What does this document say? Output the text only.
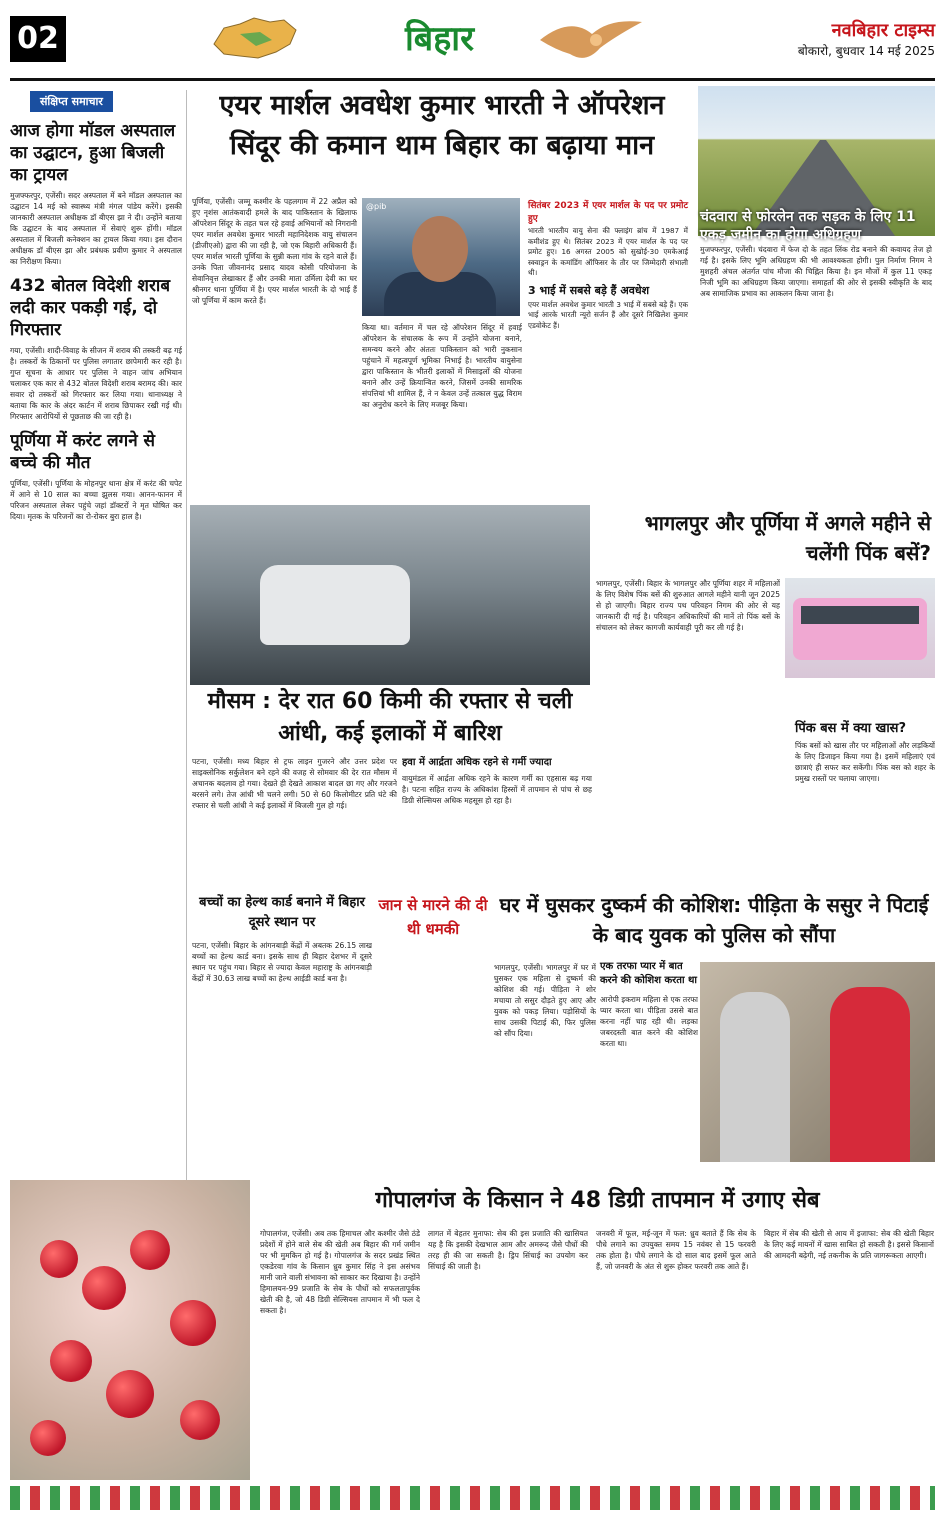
02	बिहार	नवबिहार टाइम्स
बोकारो, बुधवार 14 मई 2025
संक्षिप्त समाचार
आज होगा मॉडल अस्पताल का उद्घाटन, हुआ बिजली का ट्रायल

मुजफ्फरपुर, एजेंसी। सदर अस्पताल में बने मॉडल अस्पताल का उद्घाटन 14 मई को स्वास्थ्य मंत्री मंगल पांडेय करेंगे। इसकी जानकारी अस्पताल अधीक्षक डॉ बीएस झा ने दी। उन्होंने बताया कि उद्घाटन के बाद अस्पताल में सेवाएं शुरू होंगी। मॉडल अस्पताल में बिजली कनेक्शन का ट्रायल किया गया। इस दौरान अधीक्षक डॉ बीएस झा और प्रबंधक प्रवीण कुमार ने अस्पताल का निरीक्षण किया।

432 बोतल विदेशी शराब लदी कार पकड़ी गई, दो गिरफ्तार

गया, एजेंसी। शादी-विवाह के सीजन में शराब की तस्करी बढ़ गई है। तस्करों के ठिकानों पर पुलिस लगातार छापेमारी कर रही है। गुप्त सूचना के आधार पर पुलिस ने वाहन जांच अभियान चलाकर एक कार से 432 बोतल विदेशी शराब बरामद की। कार सवार दो तस्करों को गिरफ्तार कर लिया गया। थानाध्यक्ष ने बताया कि कार के अंदर कार्टन में शराब छिपाकर रखी गई थी। गिरफ्तार आरोपियों से पूछताछ की जा रही है।

पूर्णिया में करंट लगने से बच्चे की मौत

पूर्णिया, एजेंसी। पूर्णिया के मोहनपुर थाना क्षेत्र में करंट की चपेट में आने से 10 साल का बच्चा झुलस गया। आनन-फानन में परिजन अस्पताल लेकर पहुंचे जहां डॉक्टरों ने मृत घोषित कर दिया। मृतक के परिजनों का रो-रोकर बुरा हाल है।

एयर मार्शल अवधेश कुमार भारती ने ऑपरेशन सिंदूर की कमान थाम बिहार का बढ़ाया मान
पूर्णिया, एजेंसी। जम्मू कश्मीर के पहलगाम में 22 अप्रैल को हुए नृशंस आतंकवादी हमले के बाद पाकिस्तान के खिलाफ ऑपरेशन सिंदूर के तहत चल रहे हवाई अभियानों को निगरानी एयर मार्शल अवधेश कुमार भारती महानिदेशक वायु संचालन (डीजीएओ) द्वारा की जा रही है, जो एक बिहारी अधिकारी हैं। एयर मार्शल भारती पूर्णिया के सुन्नी कला गांव के रहने वाले हैं। उनके पिता जीवनानंद प्रसाद यादव कोसी परियोजना के सेवानिवृत्त लेखाकार हैं और उनकी माता उर्मिला देवी का घर श्रीनगर थाना पूर्णिया में है। एयर मार्शल भारती के दो भाई हैं जो पूर्णिया में काम करते हैं।
@pib
किया था। वर्तमान में चल रहे ऑपरेशन सिंदूर में हवाई ऑपरेशन के संचालक के रूप में उन्होंने योजना बनाने, समन्वय करने और अंततः पाकिस्तान को भारी नुकसान पहुंचाने में महत्वपूर्ण भूमिका निभाई है। भारतीय वायुसेना द्वारा पाकिस्तान के भीतरी इलाकों में मिसाइलों की योजना बनाने और उन्हें क्रियान्वित करने, जिसमें उनकी सामरिक संपत्तियां भी शामिल हैं, ने न केवल उन्हें तत्काल युद्ध विराम का अनुरोध करने के लिए मजबूर किया।
सितंबर 2023 में एयर मार्शल के पद पर प्रमोट हुए

भारती भारतीय वायु सेना की फ्लाइंग ब्रांच में 1987 में कमीशंड हुए थे। सितंबर 2023 में एयर मार्शल के पद पर प्रमोट हुए। 16 अगस्त 2005 को सुखोई-30 एमकेआई स्क्वाड्रन के कमांडिंग ऑफिसर के तौर पर जिम्मेदारी संभाली थी।

3 भाई में सबसे बड़े हैं अवधेश

एयर मार्शल अवधेश कुमार भारती 3 भाई में सबसे बड़े हैं। एक भाई आरके भारती न्यूरो सर्जन हैं और दूसरे निखिलेश कुमार एडवोकेट हैं।

चंदवारा से फोरलेन तक सड़क के लिए 11 एकड़ जमीन का होगा अधिग्रहण
मुजफ्फरपुर, एजेंसी। चंदवारा में फेज दो के तहत लिंक रोड बनाने की कवायद तेज हो गई है। इसके लिए भूमि अधिग्रहण की भी आवश्यकता होगी। पुल निर्माण निगम ने मुशहरी अंचल अंतर्गत पांच मौजा की चिह्नित किया है। इन मौजों में कुल 11 एकड़ निजी भूमि का अधिग्रहण किया जाएगा। समाहर्ता की ओर से इसकी स्वीकृति के बाद अब सामाजिक प्रभाव का आकलन किया जाना है।
मौसम : देर रात 60 किमी की रफ्तार से चली आंधी, कई इलाकों में बारिश
पटना, एजेंसी। मध्य बिहार से ट्रफ लाइन गुजरने और उत्तर प्रदेश पर साइक्लोनिक सर्कुलेशन बने रहने की वजह से सोमवार की देर रात मौसम में अचानक बदलाव हो गया। देखते ही देखते आकाश बादल छा गए और गरजने बरसने लगे। तेज आंधी भी चलने लगी। 50 से 60 किलोमीटर प्रति घंटे की रफ्तार से चली आंधी ने कई इलाकों में बिजली गुल हो गई।
हवा में आर्द्रता अधिक रहने से गर्मी ज्यादा
वायुमंडल में आर्द्रता अधिक रहने के कारण गर्मी का एहसास बढ़ गया है। पटना सहित राज्य के अधिकांश हिस्सों में तापमान से पांच से छह डिग्री सेल्सियस अधिक महसूस हो रहा है।
भागलपुर और पूर्णिया में अगले महीने से चलेंगी पिंक बसें?
भागलपुर, एजेंसी। बिहार के भागलपुर और पूर्णिया शहर में महिलाओं के लिए विशेष पिंक बसें की शुरुआत आगले महीने यानी जून 2025 से हो जाएगी। बिहार राज्य पथ परिवहन निगम की ओर से यह जानकारी दी गई है। परिवहन अधिकारियों की मानें तो पिंक बसें के संचालन को लेकर कागजी कार्यवाही पूरी कर ली गई है।
पिंक बस में क्या खास?
पिंक बसों को खास तौर पर महिलाओं और लड़कियों के लिए डिजाइन किया गया है। इसमें महिलाएं एवं छात्राएं ही सफर कर सकेंगी। पिंक बस को शहर के प्रमुख रास्तों पर चलाया जाएगा।
बच्चों का हेल्थ कार्ड बनाने में बिहार दूसरे स्थान पर
पटना, एजेंसी। बिहार के आंगनबाड़ी केंद्रों में अबतक 26.15 लाख बच्चों का हेल्थ कार्ड बना। इसके साथ ही बिहार देशभर में दूसरे स्थान पर पहुंच गया। बिहार से ज्यादा केवल महाराष्ट्र के आंगनबाड़ी केंद्रों में 30.63 लाख बच्चों का हेल्थ आईडी कार्ड बना है।
जान से मारने की दी थी धमकी
घर में घुसकर दुष्कर्म की कोशिश: पीड़िता के ससुर ने पिटाई के बाद युवक को पुलिस को सौंपा
भागलपुर, एजेंसी। भागलपुर में घर में घुसकर एक महिला से दुष्कर्म की कोशिश की गई। पीड़िता ने शोर मचाया तो ससुर दौड़ते हुए आए और युवक को पकड़ लिया। पड़ोसियों के साथ उसकी पिटाई की, फिर पुलिस को सौंप दिया।
एक तरफा प्यार में बात करने की कोशिश करता था
आरोपी इकराम महिला से एक तरफा प्यार करता था। पीड़िता उससे बात करना नहीं चाह रही थी। लड़का जबरदस्ती बात करने की कोशिश करता था।
गोपालगंज के किसान ने 48 डिग्री तापमान में उगाए सेब
गोपालगंज, एजेंसी। अब तक हिमाचल और कश्मीर जैसे ठंडे प्रदेशों में होने वाले सेब की खेती अब बिहार की गर्म जमीन पर भी मुमकिन हो गई है। गोपालगंज के सदर प्रखंड स्थित एकडेरवा गांव के किसान ध्रुव कुमार सिंह ने इस असंभव मानी जाने वाली संभावना को साकार कर दिखाया है। उन्होंने हिमालयन-99 प्रजाति के सेब के पौधों को सफलतापूर्वक खेती की है, जो 48 डिग्री सेल्सियस तापमान में भी फल दे सकता है।
लागत में बेहतर मुनाफा: सेब की इस प्रजाति की खासियत यह है कि इसकी देखभाल आम और अमरूद जैसे पौधों की तरह ही की जा सकती है। ड्रिप सिंचाई का उपयोग कर सिंचाई की जाती है।
जनवरी में फूल, मई-जून में फल: ध्रुव बताते हैं कि सेब के पौधे लगाने का उपयुक्त समय 15 नवंबर से 15 फरवरी तक होता है। पौधे लगाने के दो साल बाद इसमें फूल आते हैं, जो जनवरी के अंत से शुरू होकर फरवरी तक आते हैं।
बिहार में सेब की खेती से आय में इजाफा: सेब की खेती बिहार के लिए कई मायनों में खास साबित हो सकती है। इससे किसानों की आमदनी बढ़ेगी, नई तकनीक के प्रति जागरूकता आएगी।
